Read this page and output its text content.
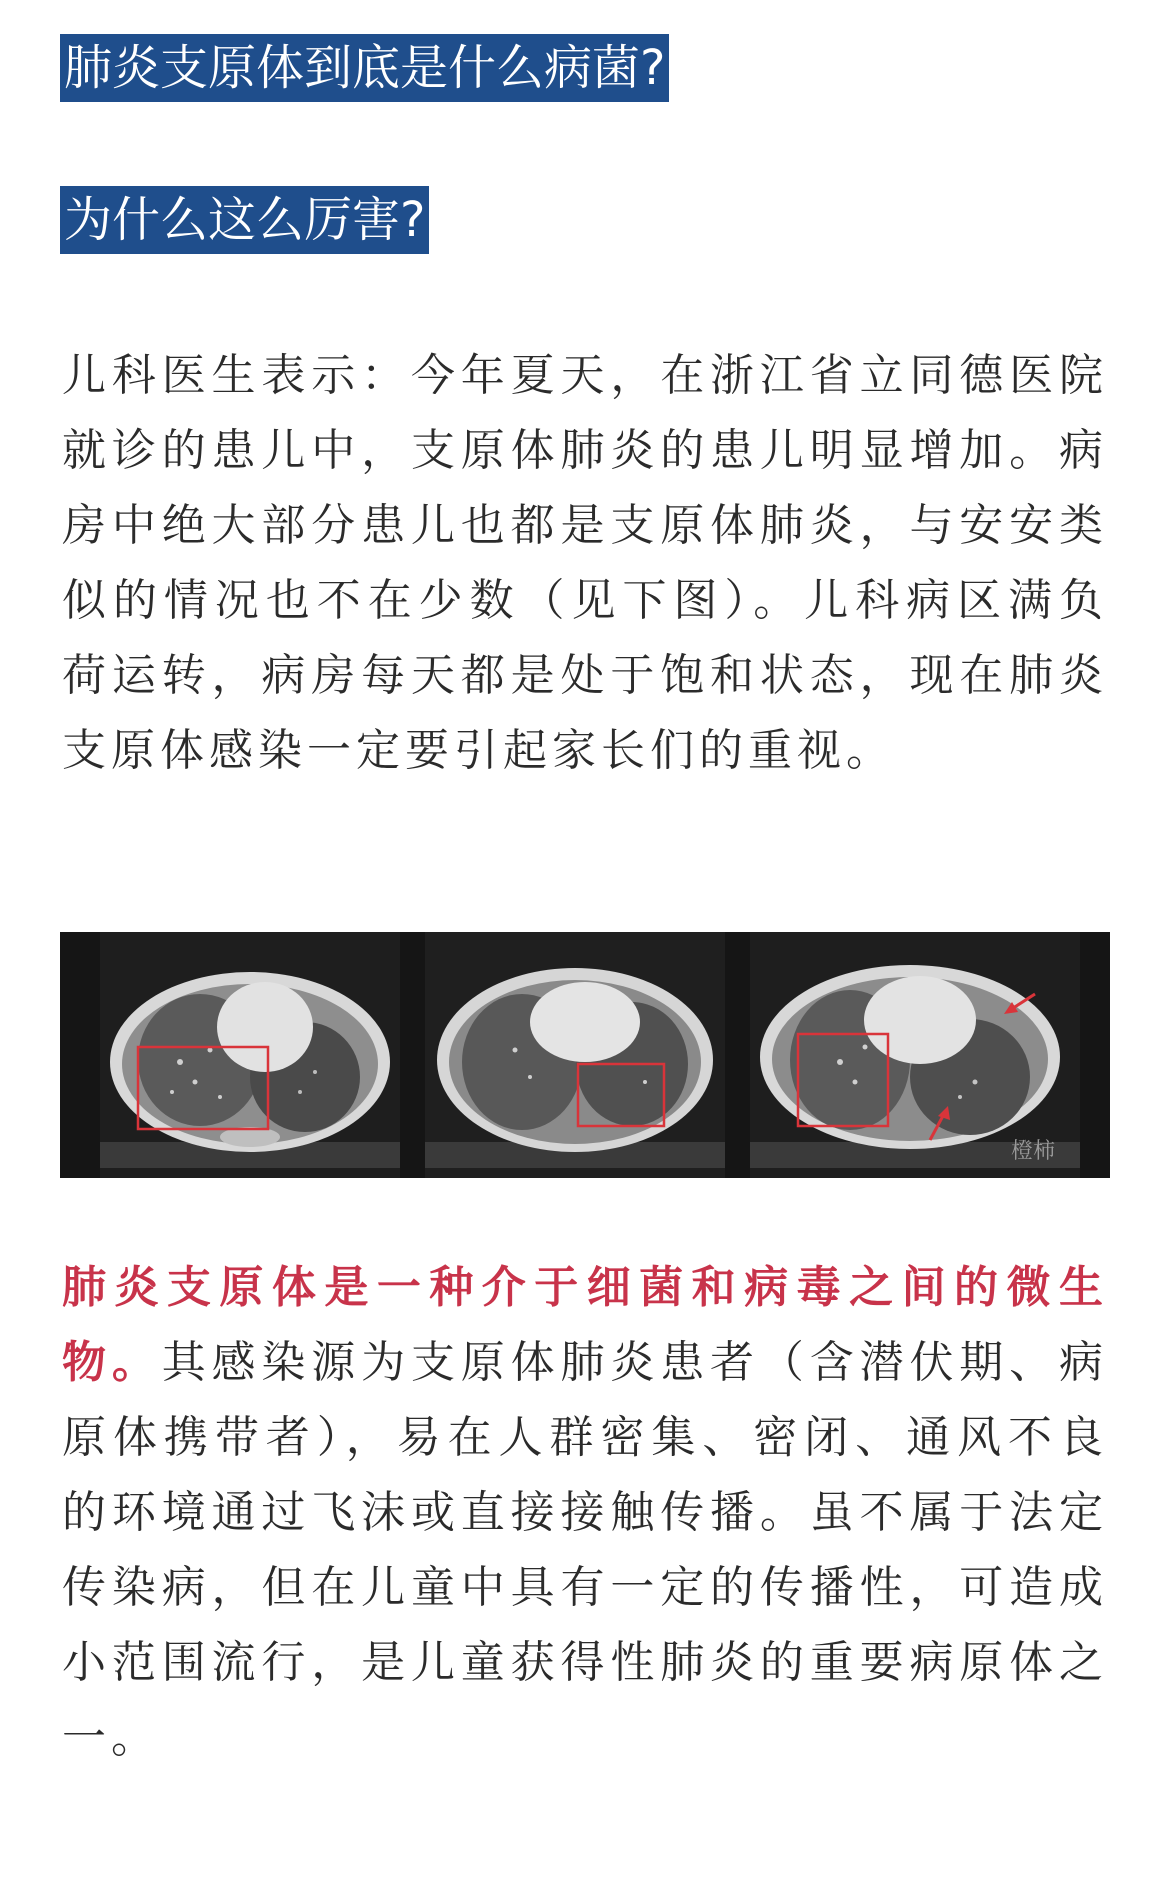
肺炎支原体到底是什么病菌?
为什么这么厉害?
儿科医生表示：今年夏天，在浙江省立同德医院就诊的患儿中，支原体肺炎的患儿明显增加。病房中绝大部分患儿也都是支原体肺炎，与安安类似的情况也不在少数（见下图）。儿科病区满负荷运转，病房每天都是处于饱和状态，现在肺炎支原体感染一定要引起家长们的重视。
橙柿
肺炎支原体是一种介于细菌和病毒之间的微生物。其感染源为支原体肺炎患者（含潜伏期、病原体携带者），易在人群密集、密闭、通风不良的环境通过飞沫或直接接触传播。虽不属于法定传染病，但在儿童中具有一定的传播性，可造成小范围流行，是儿童获得性肺炎的重要病原体之一。
